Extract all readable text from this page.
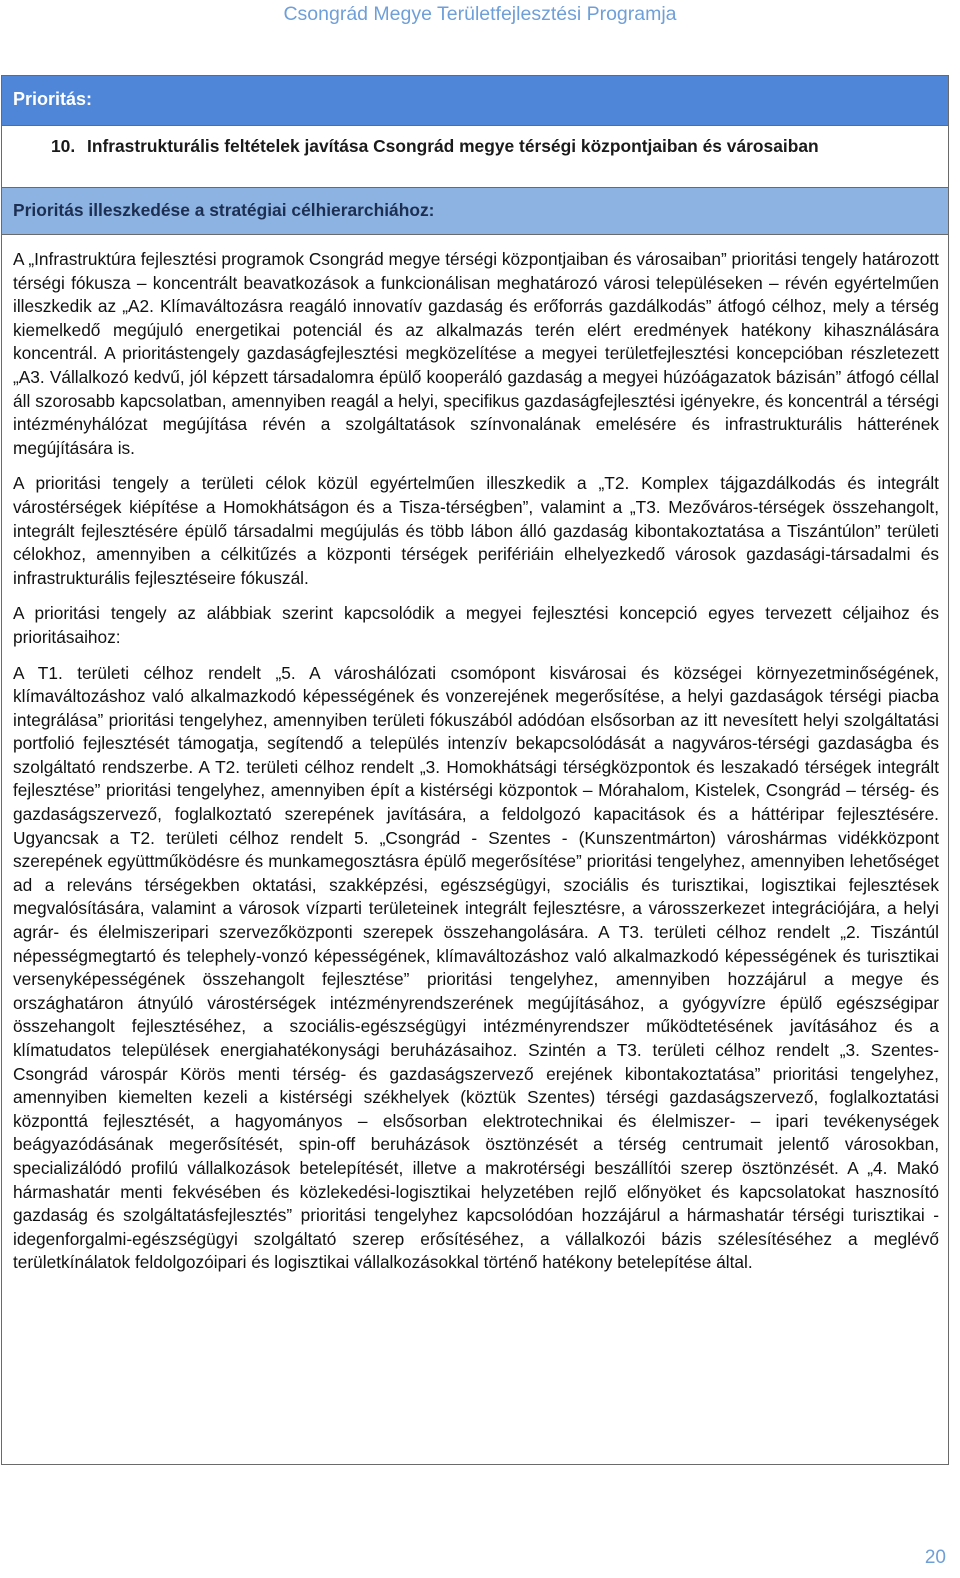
Csongrád Megye Területfejlesztési Programja
Prioritás:
10. Infrastrukturális feltételek javítása Csongrád megye térségi központjaiban és városaiban
Prioritás illeszkedése a stratégiai célhierarchiához:

A „Infrastruktúra fejlesztési programok Csongrád megye térségi központjaiban és városaiban” prioritási tengely határozott térségi fókusza – koncentrált beavatkozások a funkcionálisan meghatározó városi településeken – révén egyértelműen illeszkedik az „A2. Klímaváltozásra reagáló innovatív gazdaság és erőforrás gazdálkodás” átfogó célhoz, mely a térség kiemelkedő megújuló energetikai potenciál és az alkalmazás terén elért eredmények hatékony kihasználására koncentrál. A prioritástengely gazdaságfejlesztési megközelítése a megyei területfejlesztési koncepcióban részletezett „A3. Vállalkozó kedvű, jól képzett társadalomra épülő kooperáló gazdaság a megyei húzóágazatok bázisán” átfogó céllal áll szorosabb kapcsolatban, amennyiben reagál a helyi, specifikus gazdaságfejlesztési igényekre, és koncentrál a térségi intézményhálózat megújítása révén a szolgáltatások színvonalának emelésére és infrastrukturális hátterének megújítására is.

A prioritási tengely a területi célok közül egyértelműen illeszkedik a „T2. Komplex tájgazdálkodás és integrált várostérségek kiépítése a Homokhátságon és a Tisza-térségben”, valamint a „T3. Mezőváros-térségek összehangolt, integrált fejlesztésére épülő társadalmi megújulás és több lábon álló gazdaság kibontakoztatása a Tiszántúlon” területi célokhoz, amennyiben a célkitűzés a központi térségek perifériáin elhelyezkedő városok gazdasági-társadalmi és infrastrukturális fejlesztéseire fókuszál.

A prioritási tengely az alábbiak szerint kapcsolódik a megyei fejlesztési koncepció egyes tervezett céljaihoz és prioritásaihoz:

A T1. területi célhoz rendelt „5. A városhálózati csomópont kisvárosai és községei környezetminőségének, klímaváltozáshoz való alkalmazkodó képességének és vonzerejének megerősítése, a helyi gazdaságok térségi piacba integrálása” prioritási tengelyhez, amennyiben területi fókuszából adódóan elsősorban az itt nevesített helyi szolgáltatási portfolió fejlesztését támogatja, segítendő a település intenzív bekapcsolódását a nagyváros-térségi gazdaságba és szolgáltató rendszerbe. A T2. területi célhoz rendelt „3. Homokhátsági térségközpontok és leszakadó térségek integrált fejlesztése” prioritási tengelyhez, amennyiben épít a kistérségi központok – Mórahalom, Kistelek, Csongrád – térség- és gazdaságszervező, foglalkoztató szerepének javítására, a feldolgozó kapacitások és a háttéripar fejlesztésére. Ugyancsak a T2. területi célhoz rendelt 5. „Csongrád - Szentes - (Kunszentmárton) városhármas vidékközpont szerepének együttműködésre és munkamegosztásra épülő megerősítése” prioritási tengelyhez, amennyiben lehetőséget ad a releváns térségekben oktatási, szakképzési, egészségügyi, szociális és turisztikai, logisztikai fejlesztések megvalósítására, valamint a városok vízparti területeinek integrált fejlesztésre, a városszerkezet integrációjára, a helyi agrár- és élelmiszeripari szervezőközponti szerepek összehangolására. A T3. területi célhoz rendelt „2. Tiszántúl népességmegtartó és telephely-vonzó képességének, klímaváltozáshoz való alkalmazkodó képességének és turisztikai versenyképességének összehangolt fejlesztése” prioritási tengelyhez, amennyiben hozzájárul a megye és országhatáron átnyúló várostérségek intézményrendszerének megújításához, a gyógyvízre épülő egészségipar összehangolt fejlesztéséhez, a szociális-egészségügyi intézményrendszer működtetésének javításához és a klímatudatos települések energiahatékonysági beruházásaihoz. Szintén a T3. területi célhoz rendelt „3. Szentes-Csongrád várospár Körös menti térség- és gazdaságszervező erejének kibontakoztatása” prioritási tengelyhez, amennyiben kiemelten kezeli a kistérségi székhelyek (köztük Szentes) térségi gazdaságszervező, foglalkoztatási központtá fejlesztését, a hagyományos – elsősorban elektrotechnikai és élelmiszer- – ipari tevékenységek beágyazódásának megerősítését, spin-off beruházások ösztönzését a térség centrumait jelentő városokban, specializálódó profilú vállalkozások betelepítését, illetve a makrotérségi beszállítói szerep ösztönzését. A „4. Makó hármashatár menti fekvésében és közlekedési-logisztikai helyzetében rejlő előnyöket és kapcsolatokat hasznosító gazdaság és szolgáltatásfejlesztés” prioritási tengelyhez kapcsolódóan hozzájárul a hármashatár térségi turisztikai - idegenforgalmi-egészségügyi szolgáltató szerep erősítéséhez, a vállalkozói bázis szélesítéséhez a meglévő területkínálatok feldolgozóipari és logisztikai vállalkozásokkal történő hatékony betelepítése által.

20
